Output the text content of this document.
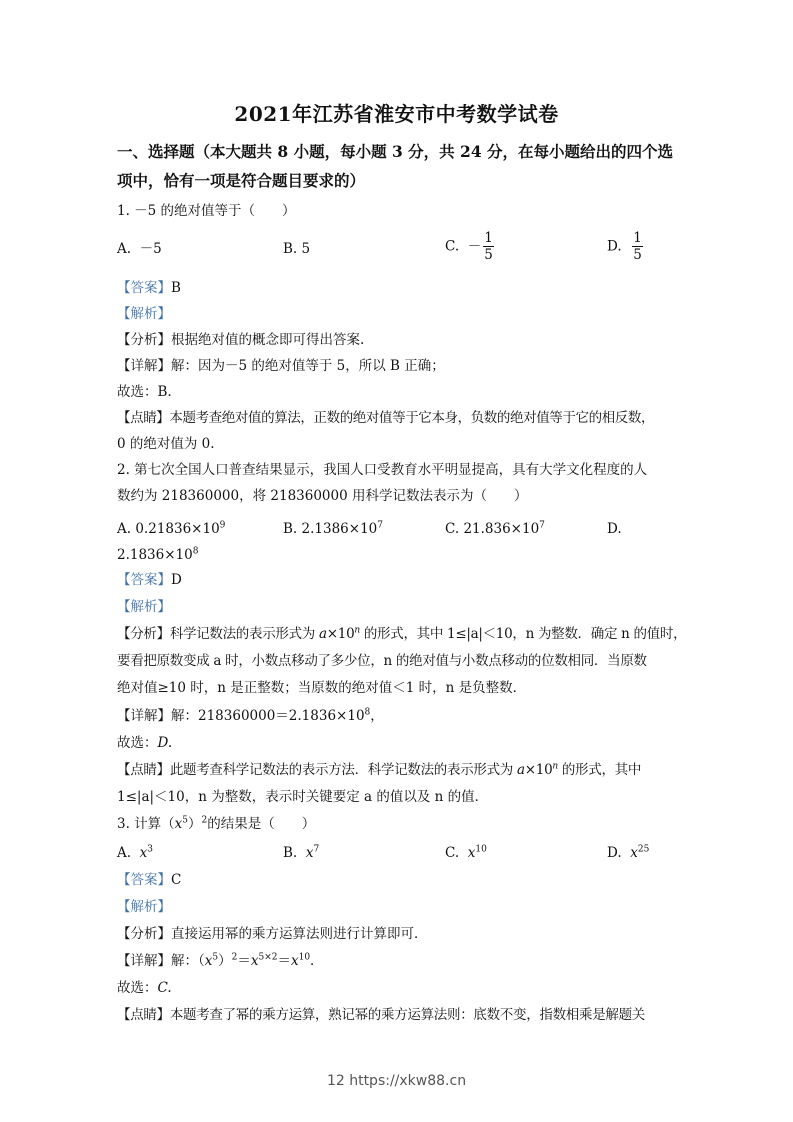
2021年江苏省淮安市中考数学试卷
一、选择题（本大题共 8 小题，每小题 3 分，共 24 分，在每小题给出的四个选
项中，恰有一项是符合题目要求的）
1. －5 的绝对值等于（　　）
A. －5	B. 5	C. － $\frac{1}{5}$	D. $\frac{1}{5}$
【答案】B
【解析】
【分析】根据绝对值的概念即可得出答案.
【详解】解：因为－5 的绝对值等于 5，所以 B 正确；
故选：B.
【点睛】本题考查绝对值的算法，正数的绝对值等于它本身，负数的绝对值等于它的相反数，
0 的绝对值为 0.
2. 第七次全国人口普查结果显示，我国人口受教育水平明显提高，具有大学文化程度的人
数约为 218360000，将 218360000 用科学记数法表示为（　　）
A. $0.21836\times 10^9$	B. $2.1386\times 10^7$	C. $21.836\times 10^7$	D.
$2.1836\times 10^8$
【答案】D
【解析】
【分析】科学记数法的表示形式为 $a\times 10^n$ 的形式，其中 1≤|a|＜10，n 为整数．确定 n 的值时，
要看把原数变成 a 时，小数点移动了多少位，n 的绝对值与小数点移动的位数相同．当原数
绝对值≥10 时，n 是正整数；当原数的绝对值＜1 时，n 是负整数．
【详解】解：$218360000=2.1836\times 10^8$，
故选：D.
【点睛】此题考查科学记数法的表示方法．科学记数法的表示形式为 $a\times 10^n$ 的形式，其中
1≤|a|＜10，n 为整数，表示时关键要定 a 的值以及 n 的值．
3. 计算$(x^5)^2$的结果是（　　）
A. $x^3$	B. $x^7$	C. $x^{10}$	D. $x^{25}$
【答案】C
【解析】
【分析】直接运用幂的乘方运算法则进行计算即可．
【详解】解：$(x^5)^2=x^{5\times 2}=x^{10}$．
故选：C.
【点睛】本题考查了幂的乘方运算，熟记幂的乘方运算法则：底数不变，指数相乘是解题关
12 https://xkw88.cn
